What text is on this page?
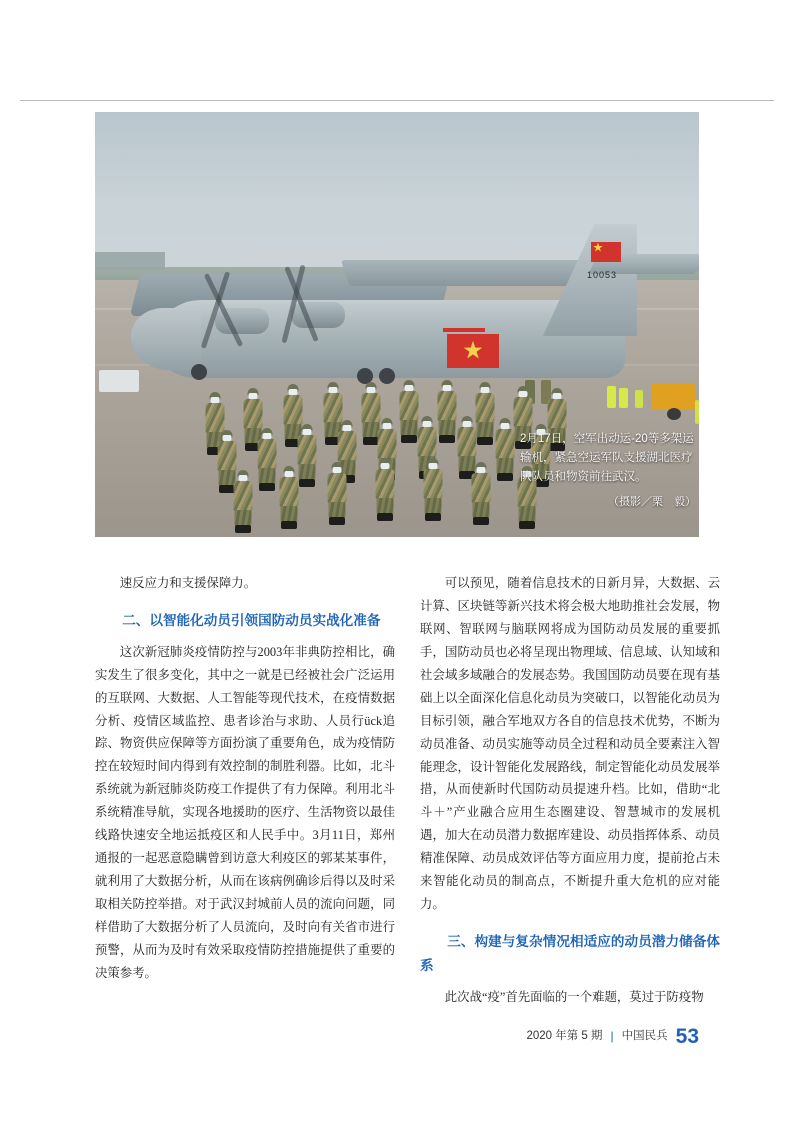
★
10053
★
2月17日，空军出动运-20等多架运输机，紧急空运军队支援湖北医疗队队员和物资前往武汉。
（摄影／栗　毅）

速反应力和支援保障力。

二、以智能化动员引领国防动员实战化准备

这次新冠肺炎疫情防控与2003年非典防控相比，确实发生了很多变化，其中之一就是已经被社会广泛运用的互联网、大数据、人工智能等现代技术，在疫情数据分析、疫情区域监控、患者诊治与求助、人员行ück追踪、物资供应保障等方面扮演了重要角色，成为疫情防控在较短时间内得到有效控制的制胜利器。比如，北斗系统就为新冠肺炎防疫工作提供了有力保障。利用北斗系统精准导航，实现各地援助的医疗、生活物资以最佳线路快速安全地运抵疫区和人民手中。3月11日，郑州通报的一起恶意隐瞒曾到访意大利疫区的郭某某事件，就利用了大数据分析，从而在该病例确诊后得以及时采取相关防控举措。对于武汉封城前人员的流向问题，同样借助了大数据分析了人员流向，及时向有关省市进行预警，从而为及时有效采取疫情防控措施提供了重要的决策参考。

可以预见，随着信息技术的日新月异，大数据、云计算、区块链等新兴技术将会极大地助推社会发展，物联网、智联网与脑联网将成为国防动员发展的重要抓手，国防动员也必将呈现出物理域、信息域、认知域和社会域多域融合的发展态势。我国国防动员要在现有基础上以全面深化信息化动员为突破口，以智能化动员为目标引领，融合军地双方各自的信息技术优势，不断为动员准备、动员实施等动员全过程和动员全要素注入智能理念，设计智能化发展路线，制定智能化动员发展举措，从而使新时代国防动员提速升档。比如，借助“北斗＋”产业融合应用生态圈建设、智慧城市的发展机遇，加大在动员潜力数据库建设、动员指挥体系、动员精准保障、动员成效评估等方面应用力度，提前抢占未来智能化动员的制高点，不断提升重大危机的应对能力。

三、构建与复杂情况相适应的动员潜力储备体系

此次战“疫”首先面临的一个难题，莫过于防疫物

2020 年第 5 期 | 中国民兵 53
